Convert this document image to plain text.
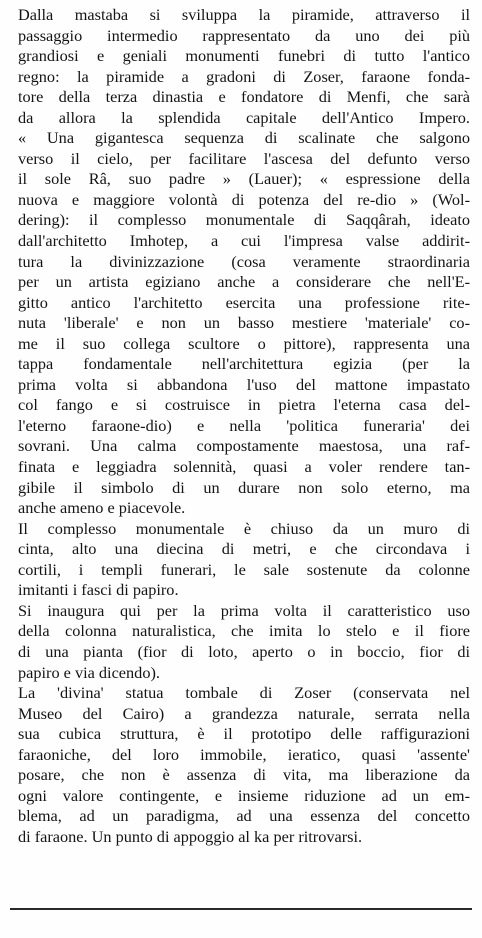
Dalla mastaba si sviluppa la piramide, attraverso il
passaggio intermedio rappresentato da uno dei più
grandiosi e geniali monumenti funebri di tutto l'antico
regno: la piramide a gradoni di Zoser, faraone fonda-
tore della terza dinastia e fondatore di Menfi, che sarà
da allora la splendida capitale dell'Antico Impero.
« Una gigantesca sequenza di scalinate che salgono
verso il cielo, per facilitare l'ascesa del defunto verso
il sole Râ, suo padre » (Lauer); « espressione della
nuova e maggiore volontà di potenza del re-dio » (Wol-
dering): il complesso monumentale di Saqqârah, ideato
dall'architetto Imhotep, a cui l'impresa valse addirit-
tura la divinizzazione (cosa veramente straordinaria
per un artista egiziano anche a considerare che nell'E-
gitto antico l'architetto esercita una professione rite-
nuta 'liberale' e non un basso mestiere 'materiale' co-
me il suo collega scultore o pittore), rappresenta una
tappa fondamentale nell'architettura egizia (per la
prima volta si abbandona l'uso del mattone impastato
col fango e si costruisce in pietra l'eterna casa del-
l'eterno faraone-dio) e nella 'politica funeraria' dei
sovrani. Una calma compostamente maestosa, una raf-
finata e leggiadra solennità, quasi a voler rendere tan-
gibile il simbolo di un durare non solo eterno, ma
anche ameno e piacevole.
Il complesso monumentale è chiuso da un muro di
cinta, alto una diecina di metri, e che circondava i
cortili, i templi funerari, le sale sostenute da colonne
imitanti i fasci di papiro.
Si inaugura qui per la prima volta il caratteristico uso
della colonna naturalistica, che imita lo stelo e il fiore
di una pianta (fior di loto, aperto o in boccio, fior di
papiro e via dicendo).
La 'divina' statua tombale di Zoser (conservata nel
Museo del Cairo) a grandezza naturale, serrata nella
sua cubica struttura, è il prototipo delle raffigurazioni
faraoniche, del loro immobile, ieratico, quasi 'assente'
posare, che non è assenza di vita, ma liberazione da
ogni valore contingente, e insieme riduzione ad un em-
blema, ad un paradigma, ad una essenza del concetto
di faraone. Un punto di appoggio al ka per ritrovarsi.
